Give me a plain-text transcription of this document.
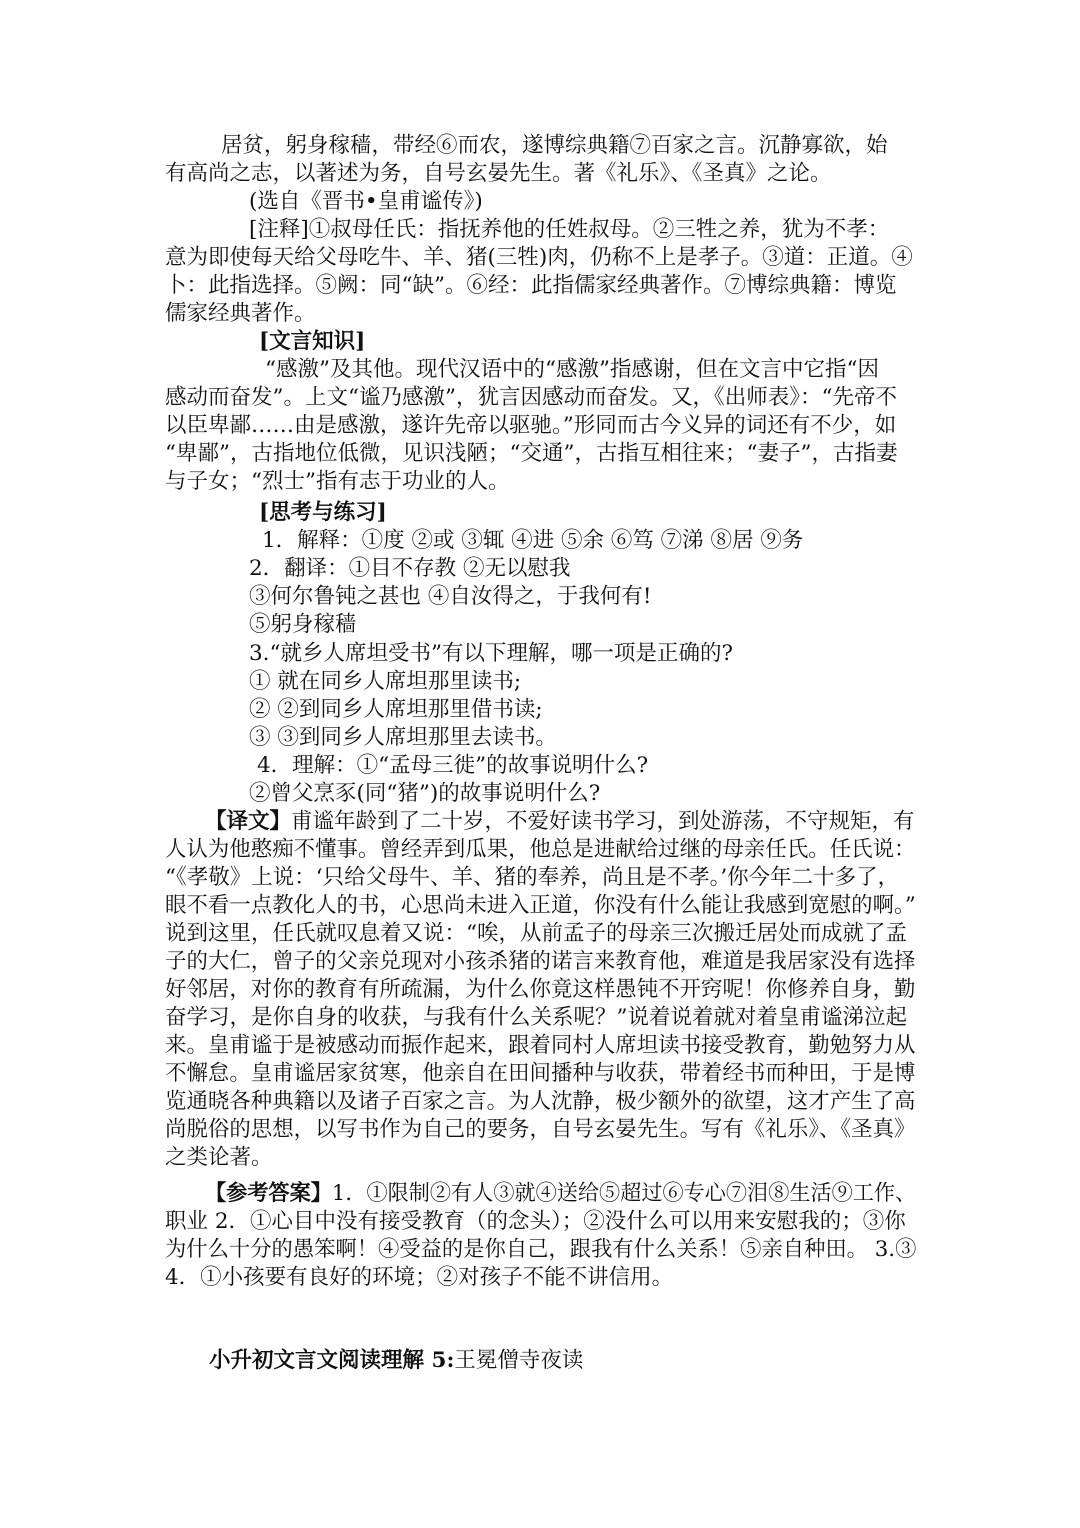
居贫，躬身稼穑，带经⑥而农，遂博综典籍⑦百家之言。沉静寡欲，始
有高尚之志，以著述为务，自号玄晏先生。著《礼乐》、《圣真》之论。
(选自《晋书•皇甫谧传》)
[注释]①叔母任氏：指抚养他的任姓叔母。②三牲之养，犹为不孝：
意为即使每天给父母吃牛、羊、猪(三牲)肉，仍称不上是孝子。③道：正道。④
卜：此指选择。⑤阙：同“缺”。⑥经：此指儒家经典著作。⑦博综典籍：博览
儒家经典著作。
[文言知识]
“感激”及其他。现代汉语中的“感激”指感谢，但在文言中它指“因
感动而奋发”。上文“谧乃感激”，犹言因感动而奋发。又，《出师表》：“先帝不
以臣卑鄙……由是感激，遂许先帝以驱驰。”形同而古今义异的词还有不少，如
“卑鄙”，古指地位低微，见识浅陋；“交通”，古指互相往来；“妻子”，古指妻
与子女；“烈士”指有志于功业的人。
[思考与练习]
1．解释：①度 ②或 ③辄 ④进 ⑤余 ⑥笃 ⑦涕 ⑧居 ⑨务
2．翻译：①目不存教 ②无以慰我
③何尔鲁钝之甚也 ④自汝得之，于我何有!
⑤躬身稼穑
3.“就乡人席坦受书”有以下理解，哪一项是正确的?
① 就在同乡人席坦那里读书;
② ②到同乡人席坦那里借书读;
③ ③到同乡人席坦那里去读书。
4．理解：①“孟母三徙”的故事说明什么?
②曾父烹豕(同“猪”)的故事说明什么?
【译文】甫谧年龄到了二十岁，不爱好读书学习，到处游荡，不守规矩，有
人认为他憨痴不懂事。曾经弄到瓜果，他总是进献给过继的母亲任氏。任氏说：
“《孝敬》上说：‘只给父母牛、羊、猪的奉养，尚且是不孝。’你今年二十多了，
眼不看一点教化人的书，心思尚未进入正道，你没有什么能让我感到宽慰的啊。”
说到这里，任氏就叹息着又说：“唉，从前孟子的母亲三次搬迁居处而成就了孟
子的大仁，曾子的父亲兑现对小孩杀猪的诺言来教育他，难道是我居家没有选择
好邻居，对你的教育有所疏漏，为什么你竟这样愚钝不开窍呢！你修养自身，勤
奋学习，是你自身的收获，与我有什么关系呢？”说着说着就对着皇甫谧涕泣起
来。皇甫谧于是被感动而振作起来，跟着同村人席坦读书接受教育，勤勉努力从
不懈怠。皇甫谧居家贫寒，他亲自在田间播种与收获，带着经书而种田，于是博
览通晓各种典籍以及诸子百家之言。为人沈静，极少额外的欲望，这才产生了高
尚脱俗的思想，以写书作为自己的要务，自号玄晏先生。写有《礼乐》、《圣真》
之类论著。
【参考答案】1．①限制②有人③就④送给⑤超过⑥专心⑦泪⑧生活⑨工作、
职业 2．①心目中没有接受教育（的念头）；②没什么可以用来安慰我的；③你
为什么十分的愚笨啊！④受益的是你自己，跟我有什么关系！⑤亲自种田。 3.③
4．①小孩要有良好的环境；②对孩子不能不讲信用。
小升初文言文阅读理解 5:王冕僧寺夜读
